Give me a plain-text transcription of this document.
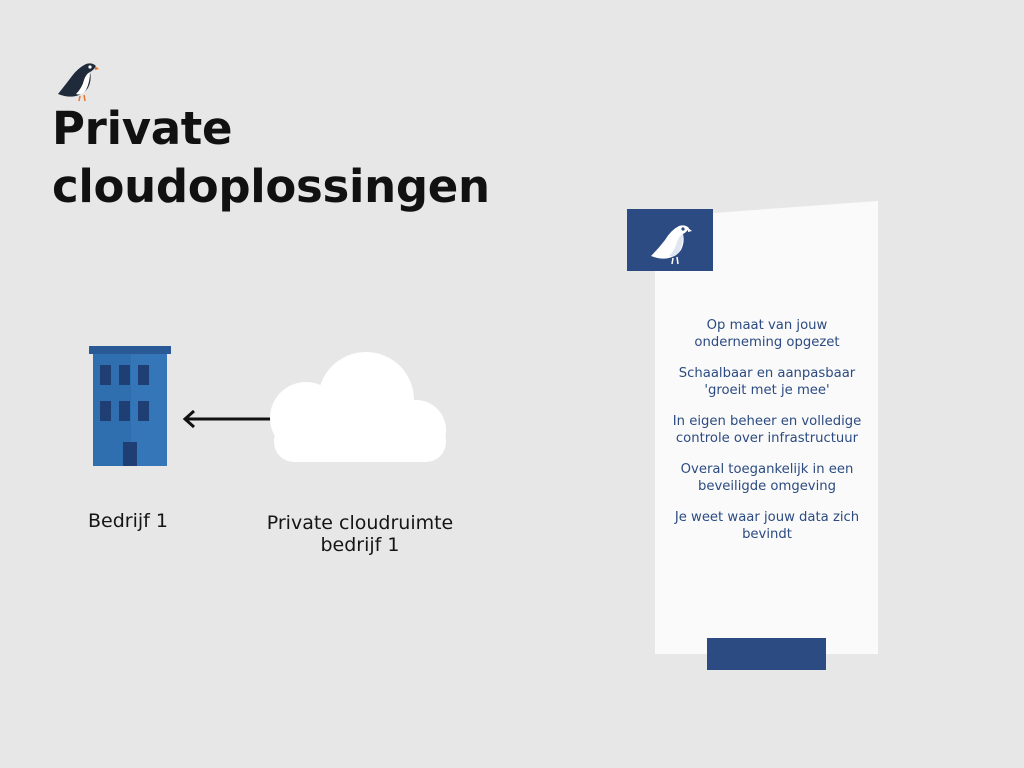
Private
cloudoplossingen
Bedrijf 1	Private cloudruimte
bedrijf 1
Op maat van jouw
onderneming opgezet
Schaalbaar en aanpasbaar
'groeit met je mee'
In eigen beheer en volledige
controle over infrastructuur
Overal toegankelijk in een
beveiligde omgeving
Je weet waar jouw data zich
bevindt
